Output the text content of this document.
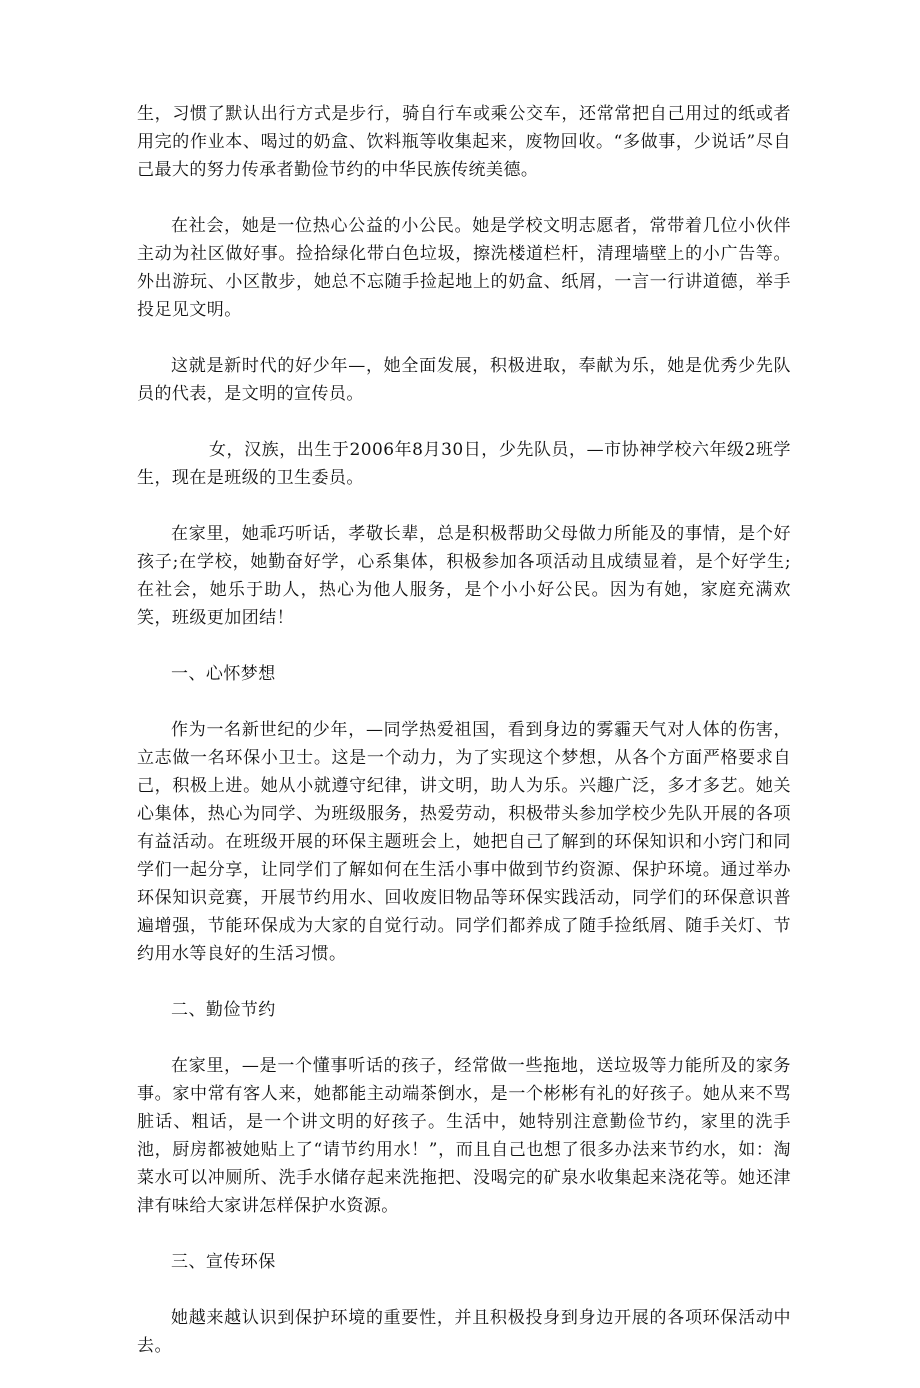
生，习惯了默认出行方式是步行，骑自行车或乘公交车，还常常把自己用过的纸或者用完的作业本、喝过的奶盒、饮料瓶等收集起来，废物回收。“多做事，少说话”尽自己最大的努力传承者勤俭节约的中华民族传统美德。

在社会，她是一位热心公益的小公民。她是学校文明志愿者，常带着几位小伙伴主动为社区做好事。捡拾绿化带白色垃圾，擦洗楼道栏杆，清理墙壁上的小广告等。外出游玩、小区散步，她总不忘随手捡起地上的奶盒、纸屑，一言一行讲道德，举手投足见文明。

这就是新时代的好少年—，她全面发展，积极进取，奉献为乐，她是优秀少先队员的代表，是文明的宣传员。

女，汉族，出生于2006年8月30日，少先队员，—市协神学校六年级2班学生，现在是班级的卫生委员。

在家里，她乖巧听话，孝敬长辈，总是积极帮助父母做力所能及的事情，是个好孩子;在学校，她勤奋好学，心系集体，积极参加各项活动且成绩显着，是个好学生;在社会，她乐于助人，热心为他人服务，是个小小好公民。因为有她，家庭充满欢笑，班级更加团结！

一、心怀梦想

作为一名新世纪的少年，—同学热爱祖国，看到身边的雾霾天气对人体的伤害，立志做一名环保小卫士。这是一个动力，为了实现这个梦想，从各个方面严格要求自己，积极上进。她从小就遵守纪律，讲文明，助人为乐。兴趣广泛，多才多艺。她关心集体，热心为同学、为班级服务，热爱劳动，积极带头参加学校少先队开展的各项有益活动。在班级开展的环保主题班会上，她把自己了解到的环保知识和小窍门和同学们一起分享，让同学们了解如何在生活小事中做到节约资源、保护环境。通过举办环保知识竞赛，开展节约用水、回收废旧物品等环保实践活动，同学们的环保意识普遍增强，节能环保成为大家的自觉行动。同学们都养成了随手捡纸屑、随手关灯、节约用水等良好的生活习惯。

二、勤俭节约

在家里，—是一个懂事听话的孩子，经常做一些拖地，送垃圾等力能所及的家务事。家中常有客人来，她都能主动端茶倒水，是一个彬彬有礼的好孩子。她从来不骂脏话、粗话，是一个讲文明的好孩子。生活中，她特别注意勤俭节约，家里的洗手池，厨房都被她贴上了“请节约用水！”，而且自己也想了很多办法来节约水，如：淘菜水可以冲厕所、洗手水储存起来洗拖把、没喝完的矿泉水收集起来浇花等。她还津津有味给大家讲怎样保护水资源。

三、宣传环保

她越来越认识到保护环境的重要性，并且积极投身到身边开展的各项环保活动中去。
